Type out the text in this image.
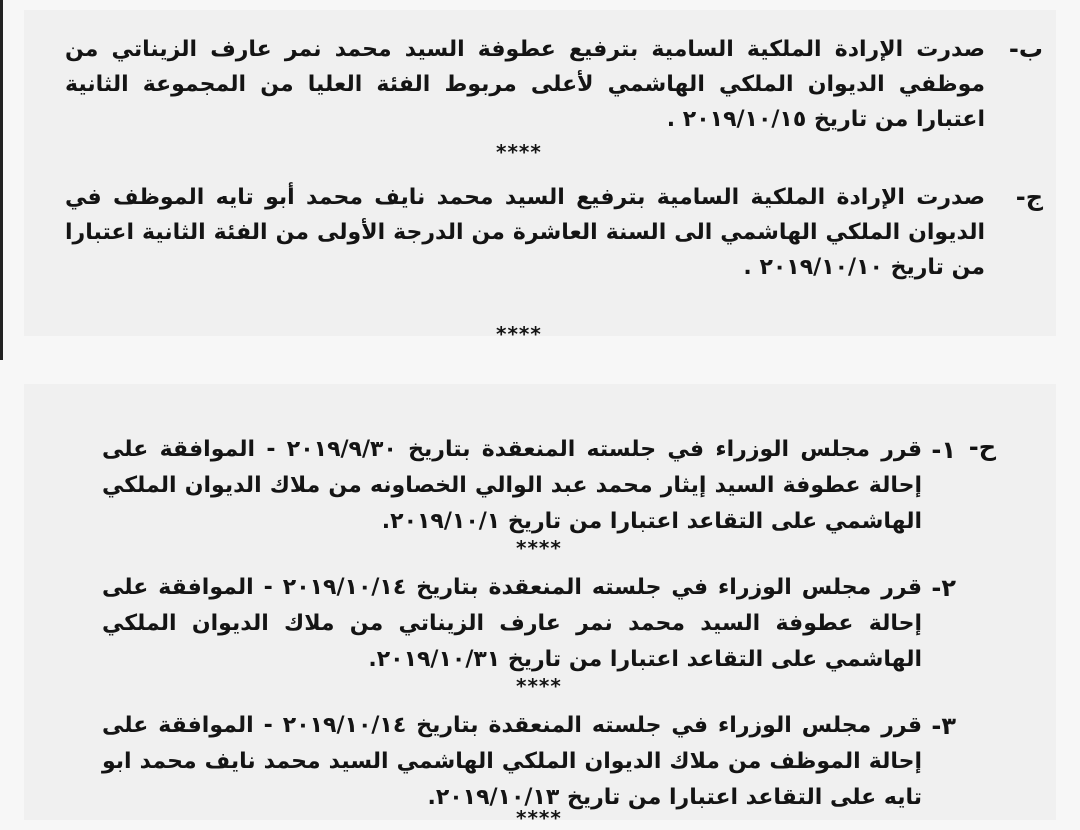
ب-
صدرت الإرادة الملكية السامية بترفيع عطوفة السيد محمد نمر عارف الزيناتي من موظفي الديوان الملكي الهاشمي لأعلى مربوط الفئة العليا من المجموعة الثانية اعتبارا من تاريخ ٢٠١٩/١٠/١٥ .
****
ج-
صدرت الإرادة الملكية السامية بترفيع السيد محمد نايف محمد أبو تايه الموظف في الديوان الملكي الهاشمي الى السنة العاشرة من الدرجة الأولى من الفئة الثانية اعتبارا من تاريخ ٢٠١٩/١٠/١٠ .
****
ح-
١-
قرر مجلس الوزراء في جلسته المنعقدة بتاريخ ٢٠١٩/٩/٣٠ - الموافقة على إحالة عطوفة السيد إيثار محمد عبد الوالي الخصاونه من ملاك الديوان الملكي الهاشمي على التقاعد اعتبارا من تاريخ ٢٠١٩/١٠/١.
****
٢-
قرر مجلس الوزراء في جلسته المنعقدة بتاريخ ٢٠١٩/١٠/١٤ - الموافقة على إحالة عطوفة السيد محمد نمر عارف الزيناتي من ملاك الديوان الملكي الهاشمي على التقاعد اعتبارا من تاريخ ٢٠١٩/١٠/٣١.
****
٣-
قرر مجلس الوزراء في جلسته المنعقدة بتاريخ ٢٠١٩/١٠/١٤ - الموافقة على إحالة الموظف من ملاك الديوان الملكي الهاشمي السيد محمد نايف محمد ابو تايه على التقاعد اعتبارا من تاريخ ٢٠١٩/١٠/١٣.
****
